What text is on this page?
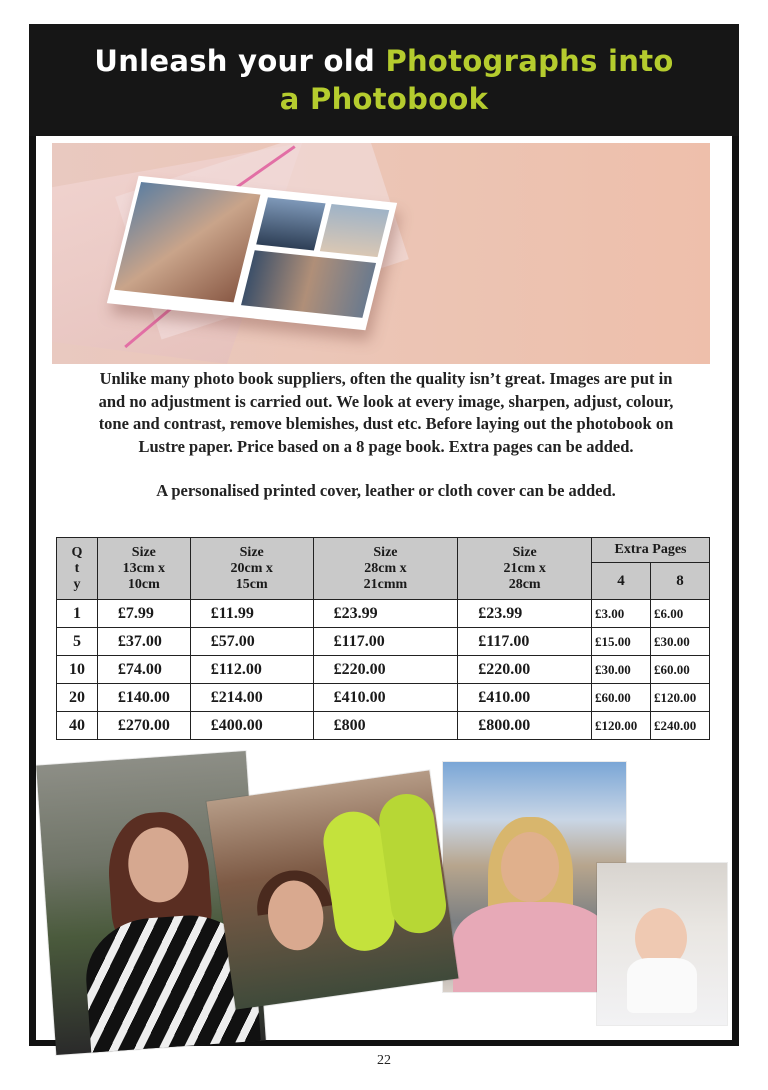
Unleash your old Photographs into
a Photobook

Unlike many photo book suppliers, often the quality isn’t great. Images are put in

and no adjustment is carried out. We look at every image, sharpen, adjust, colour,

tone and contrast, remove blemishes, dust etc. Before laying out the photobook on

Lustre paper. Price based on a 8 page book. Extra pages can be added.

A personalised printed cover, leather or cloth cover can be added.

Q
t
y	Size
13cm x
10cm	Size
20cm x
15cm	Size
28cm x
21cmm	Size
21cm x
28cm	Extra Pages	
					4	8
1	£7.99	£11.99	£23.99	£23.99	£3.00	£6.00
5	£37.00	£57.00	£117.00	£117.00	£15.00	£30.00
10	£74.00	£112.00	£220.00	£220.00	£30.00	£60.00
20	£140.00	£214.00	£410.00	£410.00	£60.00	£120.00
40	£270.00	£400.00	£800	£800.00	£120.00	£240.00
22
